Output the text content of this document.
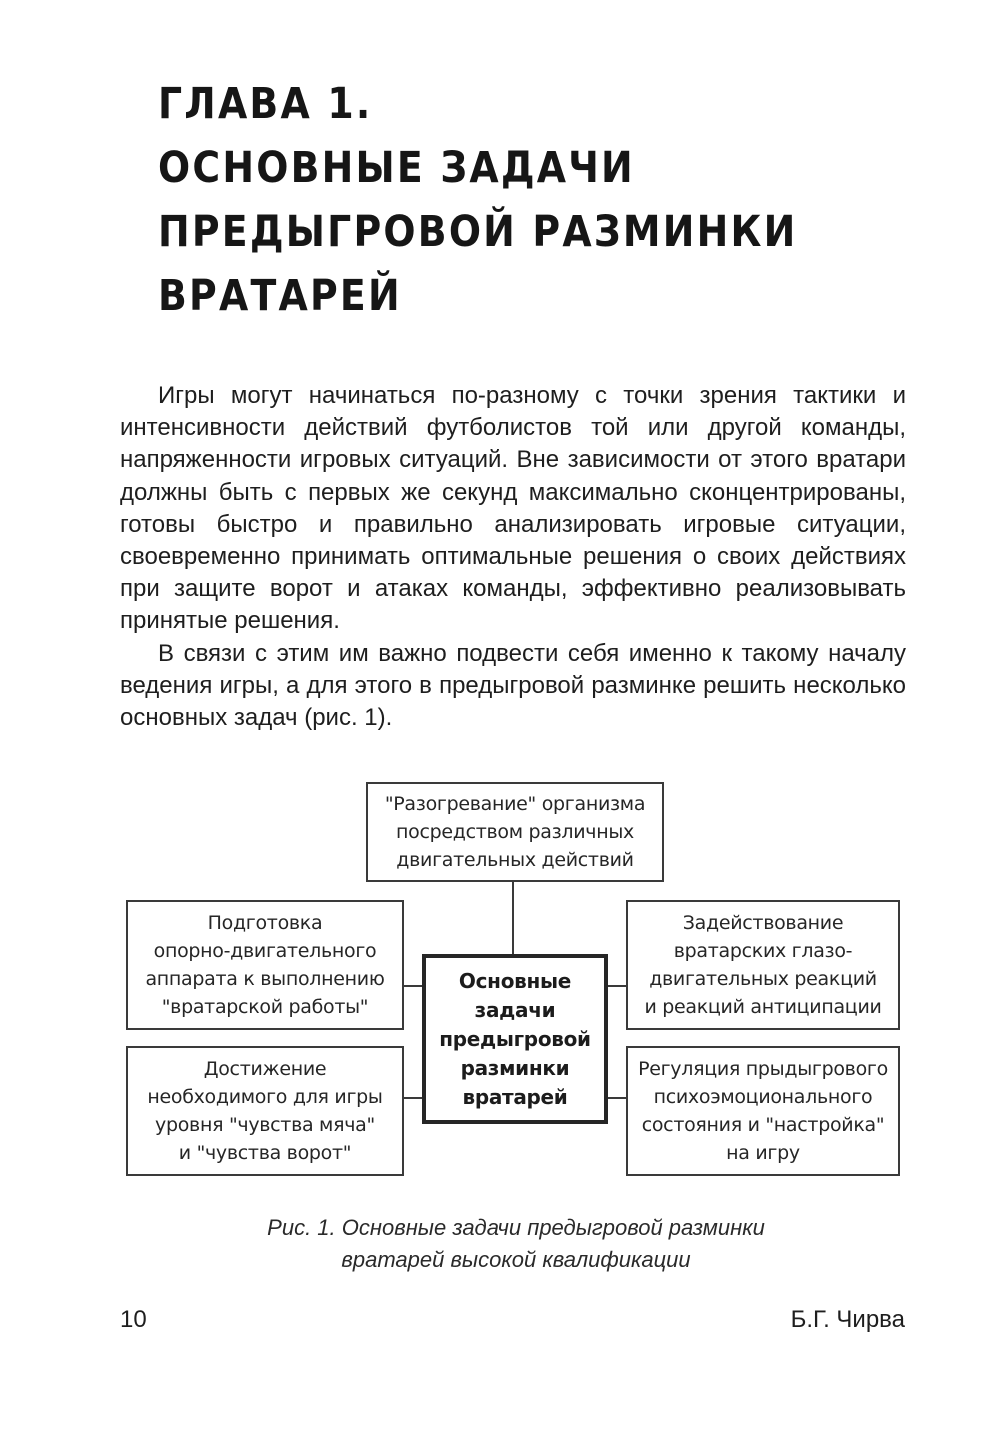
ГЛАВА 1.
ОСНОВНЫЕ ЗАДАЧИ
ПРЕДЫГРОВОЙ РАЗМИНКИ
ВРАТАРЕЙ

Игры могут начинаться по-разному с точки зрения тактики и интенсивности действий футболистов той или другой команды, напряженности игровых ситуаций. Вне зависимости от этого вратари должны быть с первых же секунд максимально сконцентрированы, готовы быстро и правильно анализировать игровые ситуации, своевременно принимать оптимальные решения о своих действиях при защите ворот и атаках команды, эффективно реализовывать принятые решения.

В связи с этим им важно подвести себя именно к такому началу ведения игры, а для этого в предыгровой разминке решить несколько основных задач (рис. 1).

"Разогревание" организма
посредством различных
двигательных действий
Основные
задачи
предыгровой
разминки
вратарей
Подготовка
опорно-двигательного
аппарата к выполнению
"вратарской работы"
Достижение
необходимого для игры
уровня "чувства мяча"
и "чувства ворот"
Задействование
вратарских глазо-
двигательных реакций
и реакций антиципации
Регуляция прыдыгрового
психоэмоционального
состояния и "настройка"
на игру

Рис. 1. Основные задачи предыгровой разминки
вратарей высокой квалификации

10	Б.Г. Чирва
